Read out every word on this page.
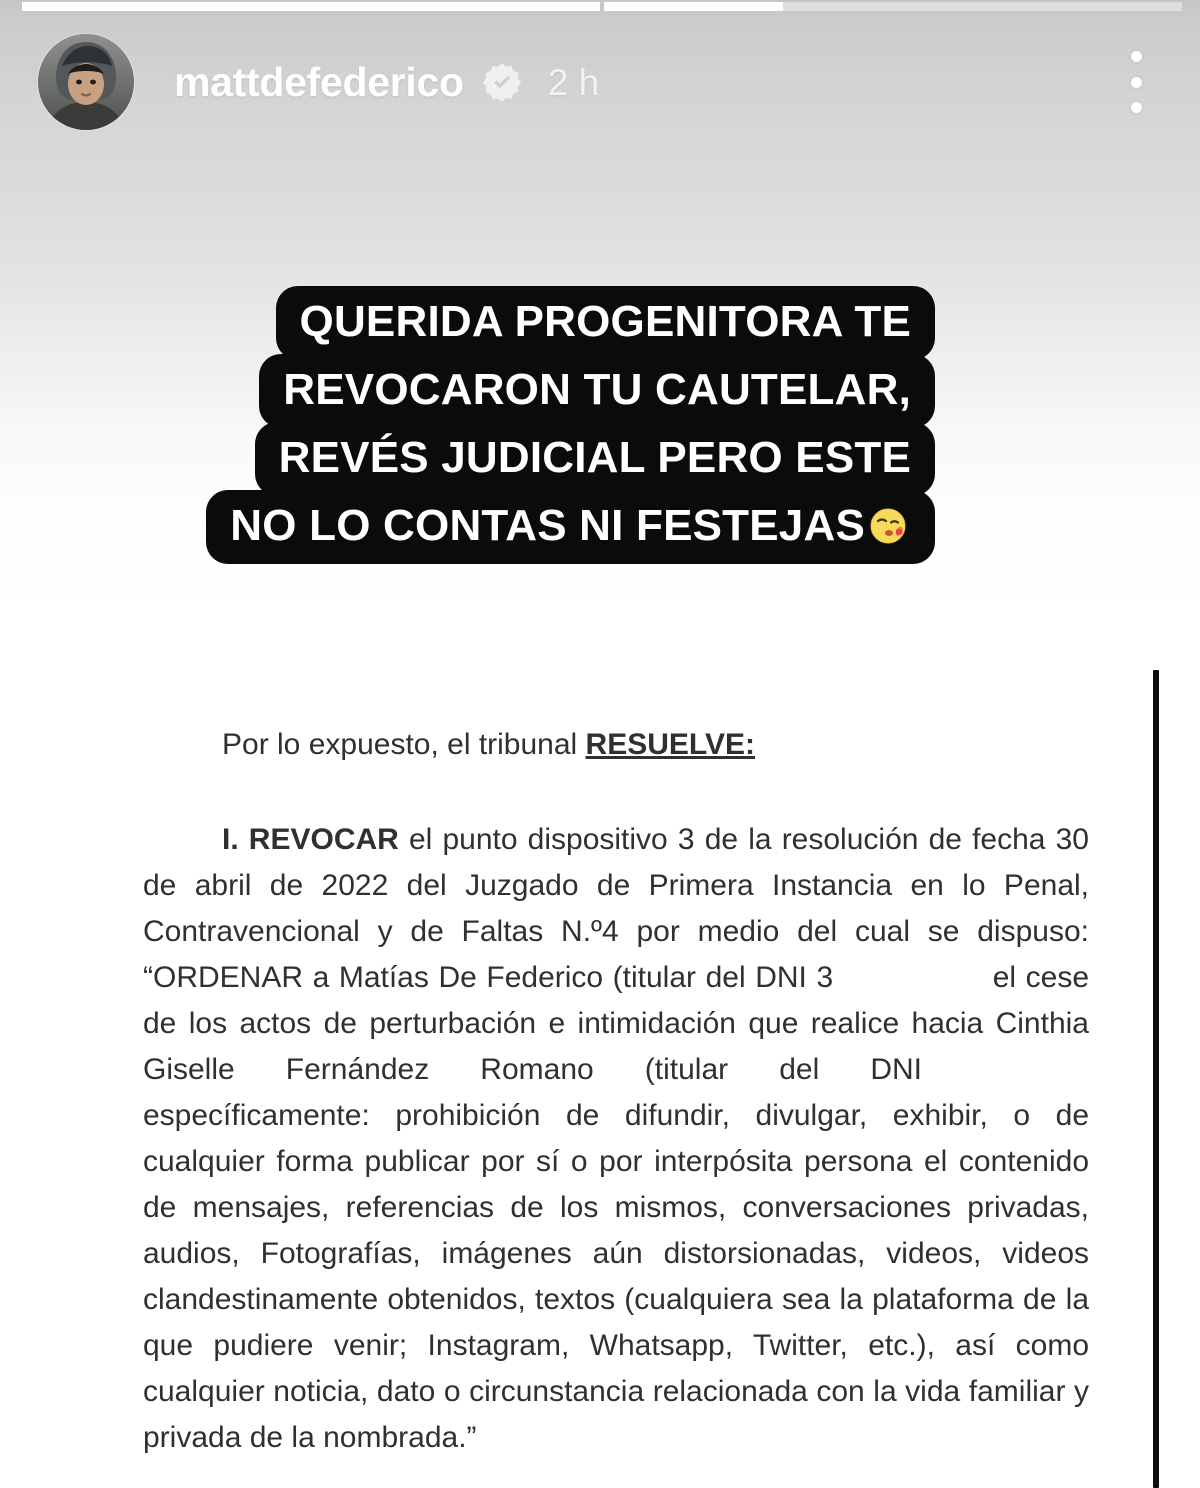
mattdefederico 2 h
QUERIDA PROGENITORA TE
REVOCARON TU CAUTELAR,
REVÉS JUDICIAL PERO ESTE
NO LO CONTAS NI FESTEJAS

Por lo expuesto, el tribunal RESUELVE:

I. REVOCAR el punto dispositivo 3 de la resolución de fecha 30 de abril de 2022 del Juzgado de Primera Instancia en lo Penal, Contravencional y de Faltas N.º4 por medio del cual se dispuso: “ORDENAR a Matías De Federico (titular del DNI 3	el cese de los actos de perturbación e intimidación que realice hacia Cinthia Giselle Fernández Romano (titular del DNI  específicamente: prohibición de difundir, divulgar, exhibir, o de cualquier forma publicar por sí o por interpósita persona el contenido de mensajes, referencias de los mismos, conversaciones privadas, audios, Fotografías, imágenes aún distorsionadas, videos, videos clandestinamente obtenidos, textos (cualquiera sea la plataforma de la que pudiere venir; Instagram, Whatsapp, Twitter, etc.), así como cualquier noticia, dato o circunstancia relacionada con la vida familiar y privada de la nombrada.”
